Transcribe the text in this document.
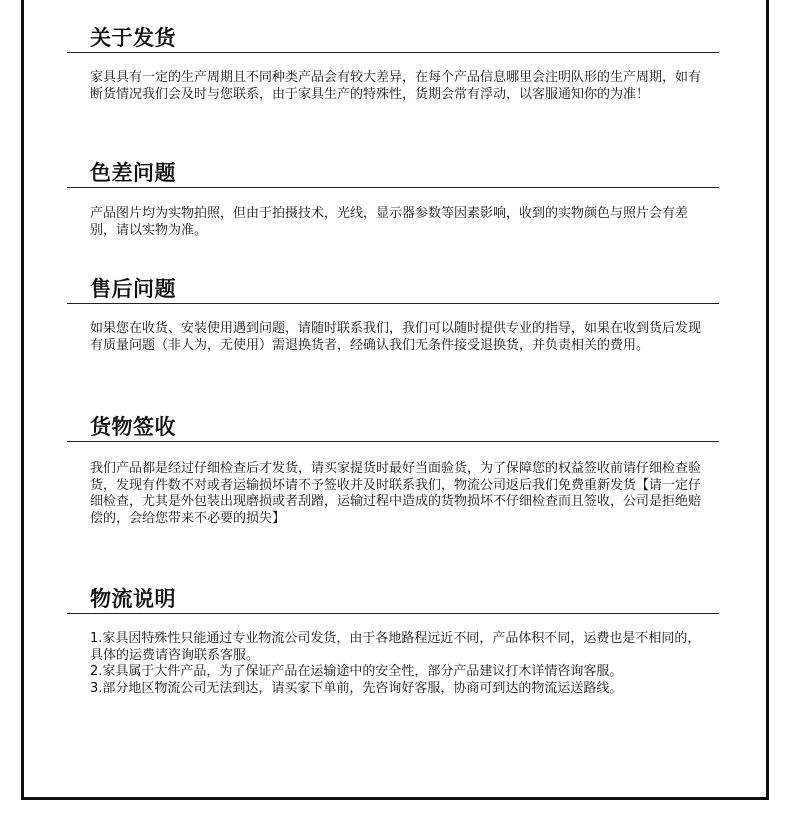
关于发货

家具具有一定的生产周期且不同种类产品会有较大差异，在每个产品信息哪里会注明队形的生产周期，如有断货情况我们会及时与您联系，由于家具生产的特殊性，货期会常有浮动，以客服通知你的为准！

色差问题

产品图片均为实物拍照，但由于拍摄技术，光线，显示器参数等因素影响，收到的实物颜色与照片会有差别，请以实物为准。

售后问题

如果您在收货、安装使用遇到问题，请随时联系我们，我们可以随时提供专业的指导，如果在收到货后发现有质量问题（非人为，无使用）需退换货者，经确认我们无条件接受退换货，并负责相关的费用。

货物签收

我们产品都是经过仔细检查后才发货，请买家提货时最好当面验货，为了保障您的权益签收前请仔细检查验货，发现有件数不对或者运输损坏请不予签收并及时联系我们，物流公司返后我们免费重新发货【请一定仔细检查，尤其是外包装出现磨损或者刮蹭，运输过程中造成的货物损坏不仔细检查而且签收，公司是拒绝赔偿的，会给您带来不必要的损失】

物流说明

1.家具因特殊性只能通过专业物流公司发货，由于各地路程远近不同，产品体积不同，运费也是不相同的，具体的运费请咨询联系客服。

2.家具属于大件产品，为了保证产品在运输途中的安全性，部分产品建议打木详情咨询客服。

3.部分地区物流公司无法到达，请买家下单前，先咨询好客服，协商可到达的物流运送路线。
